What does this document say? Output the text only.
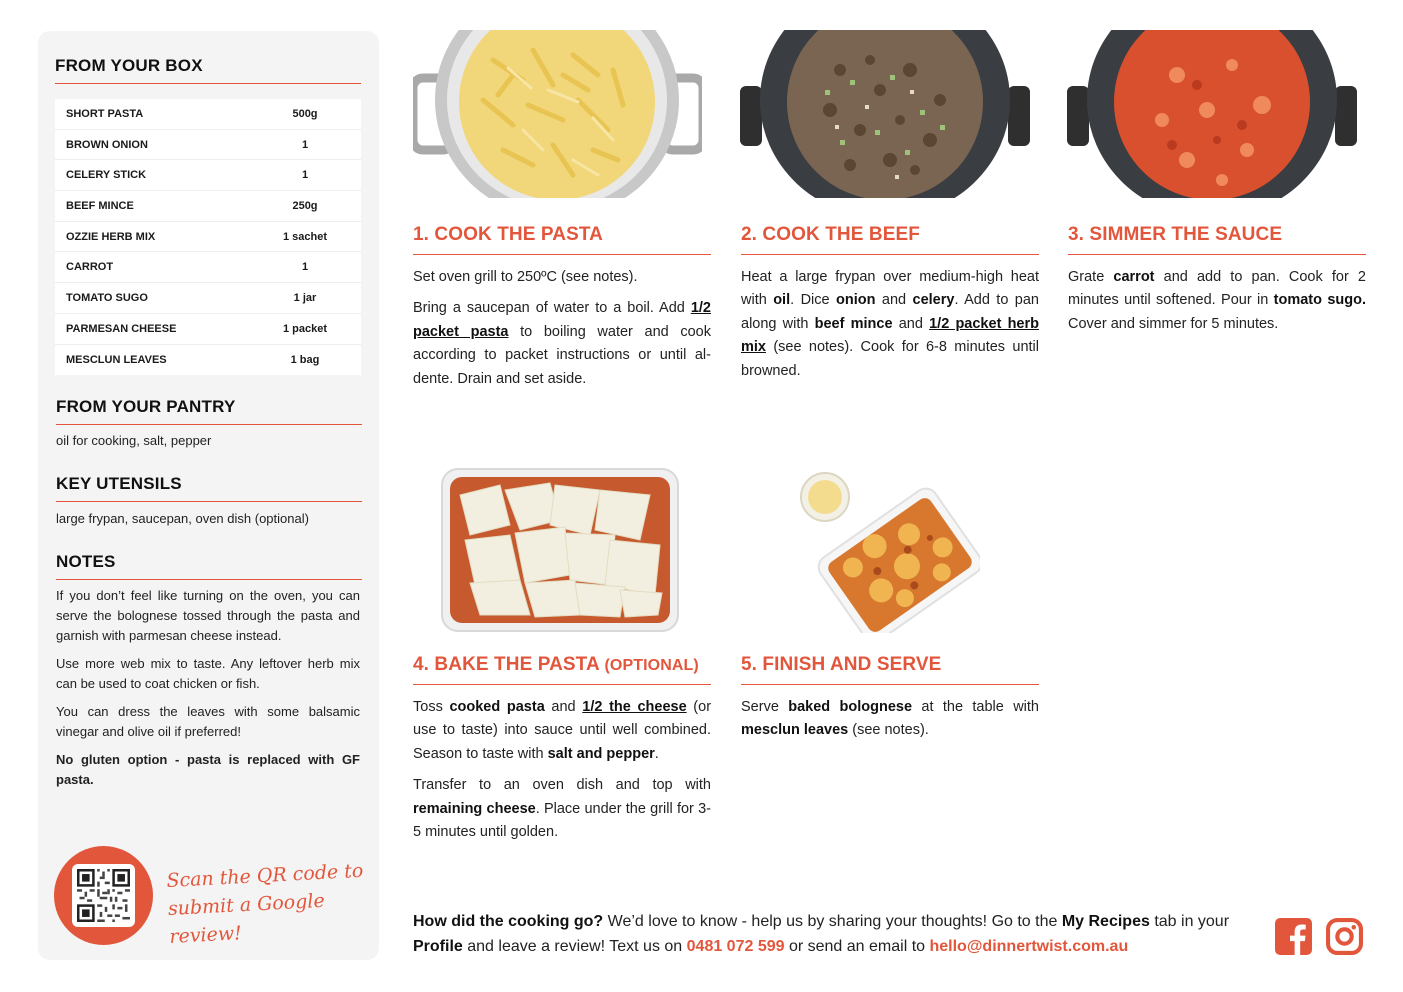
FROM YOUR BOX
SHORT PASTA	500g
BROWN ONION	1
CELERY STICK	1
BEEF MINCE	250g
OZZIE HERB MIX	1 sachet
CARROT	1
TOMATO SUGO	1 jar
PARMESAN CHEESE	1 packet
MESCLUN LEAVES	1 bag
FROM YOUR PANTRY
oil for cooking, salt, pepper
KEY UTENSILS
large frypan, saucepan, oven dish (optional)
NOTES

If you don’t feel like turning on the oven, you can serve the bolognese tossed through the pasta and garnish with parmesan cheese instead.

Use more web mix to taste. Any leftover herb mix can be used to coat chicken or fish.

You can dress the leaves with some balsamic vinegar and olive oil if preferred!

No gluten option - pasta is replaced with GF pasta.

Scan the QR code to
submit a Google review!
1. COOK THE PASTA

Set oven grill to 250ºC (see notes).

Bring a saucepan of water to a boil. Add 1/2 packet pasta to boiling water and cook according to packet instructions or until al-dente. Drain and set aside.

2. COOK THE BEEF

Heat a large frypan over medium-high heat with oil. Dice onion and celery. Add to pan along with beef mince and 1/2 packet herb mix (see notes). Cook for 6-8 minutes until browned.

3. SIMMER THE SAUCE

Grate carrot and add to pan. Cook for 2 minutes until softened. Pour in tomato sugo. Cover and simmer for 5 minutes.

4. BAKE THE PASTA (OPTIONAL)

Toss cooked pasta and 1/2 the cheese (or use to taste) into sauce until well combined. Season to taste with salt and pepper.

Transfer to an oven dish and top with remaining cheese. Place under the grill for 3-5 minutes until golden.

5. FINISH AND SERVE

Serve baked bolognese at the table with mesclun leaves (see notes).

How did the cooking go? We’d love to know - help us by sharing your thoughts! Go to the My Recipes tab in your Profile and leave a review! Text us on 0481 072 599 or send an email to hello@dinnertwist.com.au
